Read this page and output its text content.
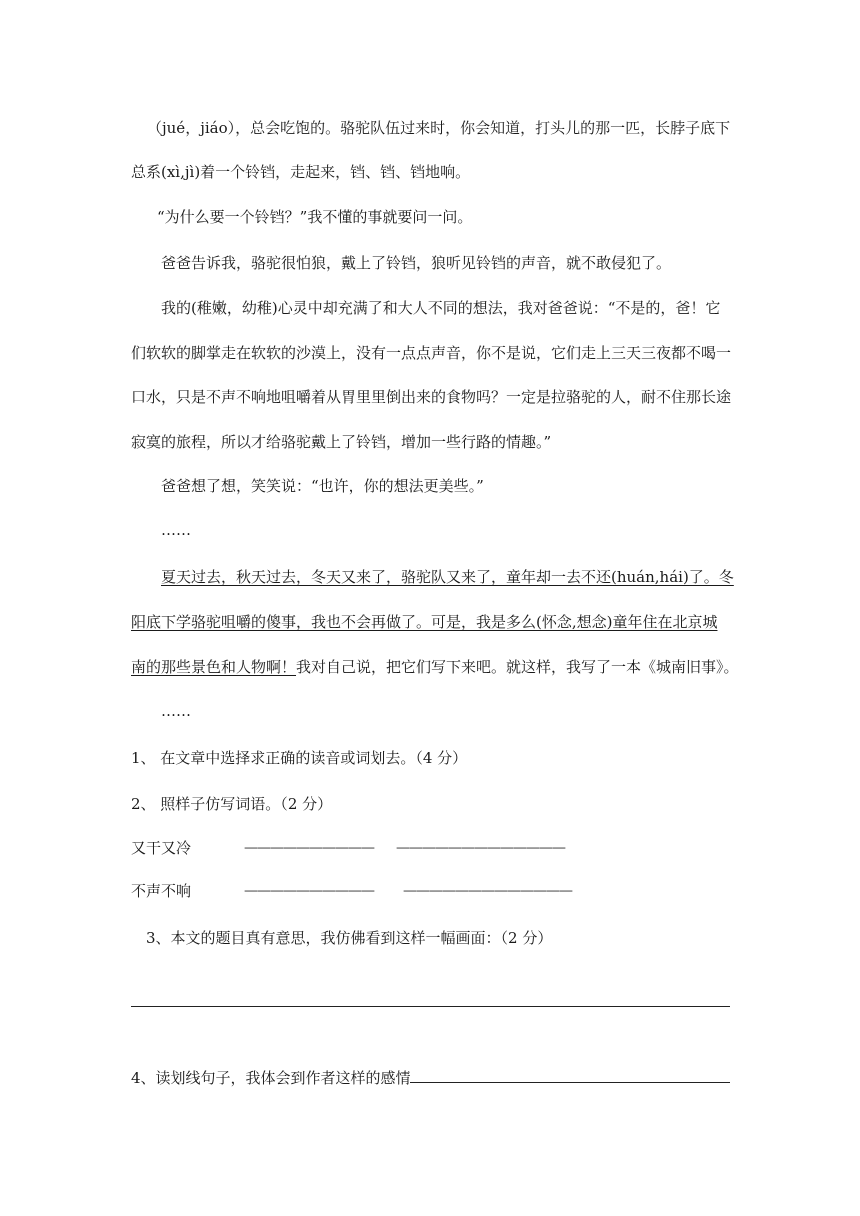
（jué，jiáo），总会吃饱的。骆驼队伍过来时，你会知道，打头儿的那一匹，长脖子底下
总系(xì,jì)着一个铃铛，走起来，铛、铛、铛地响。
“为什么要一个铃铛？”我不懂的事就要问一问。
爸爸告诉我，骆驼很怕狼，戴上了铃铛，狼听见铃铛的声音，就不敢侵犯了。
我的(稚嫩，幼稚)心灵中却充满了和大人不同的想法，我对爸爸说：“不是的，爸！它
们软软的脚掌走在软软的沙漠上，没有一点点声音，你不是说，它们走上三天三夜都不喝一
口水，只是不声不响地咀嚼着从胃里里倒出来的食物吗？一定是拉骆驼的人，耐不住那长途
寂寞的旅程，所以才给骆驼戴上了铃铛，增加一些行路的情趣。”
爸爸想了想，笑笑说：“也许，你的想法更美些。”
……
夏天过去，秋天过去，冬天又来了，骆驼队又来了，童年却一去不还(huán,hái)了。冬
阳底下学骆驼咀嚼的傻事，我也不会再做了。可是，我是多么(怀念,想念)童年住在北京城
南的那些景色和人物啊！我对自己说，把它们写下来吧。就这样，我写了一本《城南旧事》。
……
1、 在文章中选择求正确的读音或词划去。（4 分）
2、 照样子仿写词语。（2 分）
又干又冷	—————————— —————————————
不声不响	—————————— —————————————
3、本文的题目真有意思，我仿佛看到这样一幅画面：（2 分）
4、读划线句子，我体会到作者这样的感情
